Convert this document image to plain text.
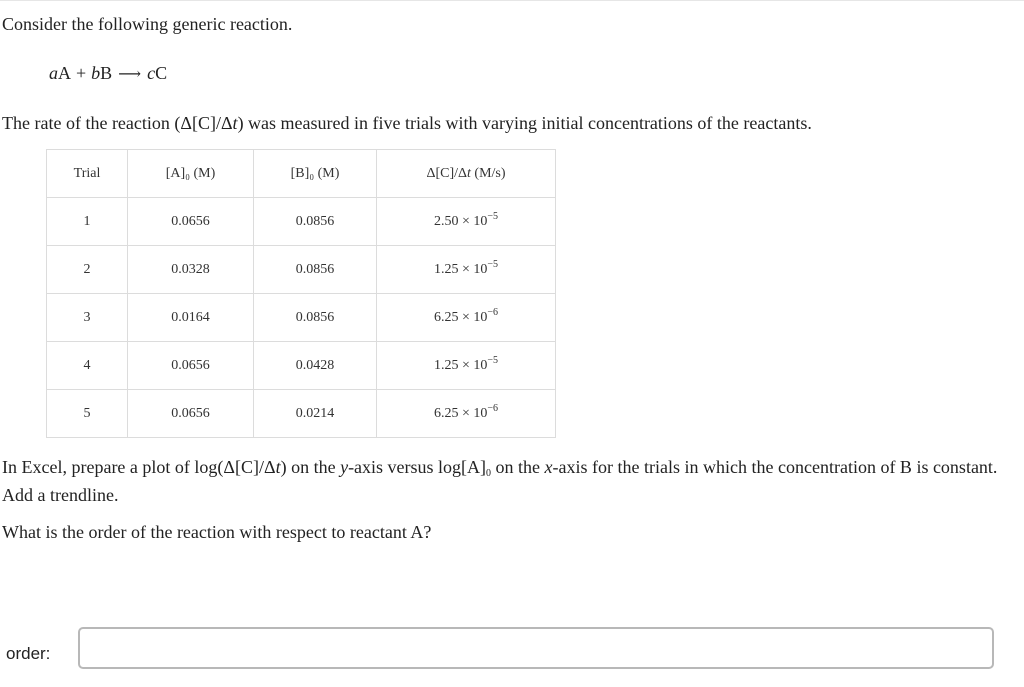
Consider the following generic reaction.
aA + bB ⟶ cC
The rate of the reaction (Δ[C]/Δt) was measured in five trials with varying initial concentrations of the reactants.
Trial	[A]₀ (M)	[B]₀ (M)	Δ[C]/Δt (M/s)
1	0.0656	0.0856	$2.50 \times 10^{-5}$
2	0.0328	0.0856	$1.25 \times 10^{-5}$
3	0.0164	0.0856	$6.25 \times 10^{-6}$
4	0.0656	0.0428	$1.25 \times 10^{-5}$
5	0.0656	0.0214	$6.25 \times 10^{-6}$
In Excel, prepare a plot of log(Δ[C]/Δt) on the y-axis versus $\log[A]_0$ on the x-axis for the trials in which the concentration of B is constant. Add a trendline.
What is the order of the reaction with respect to reactant A?
order:
